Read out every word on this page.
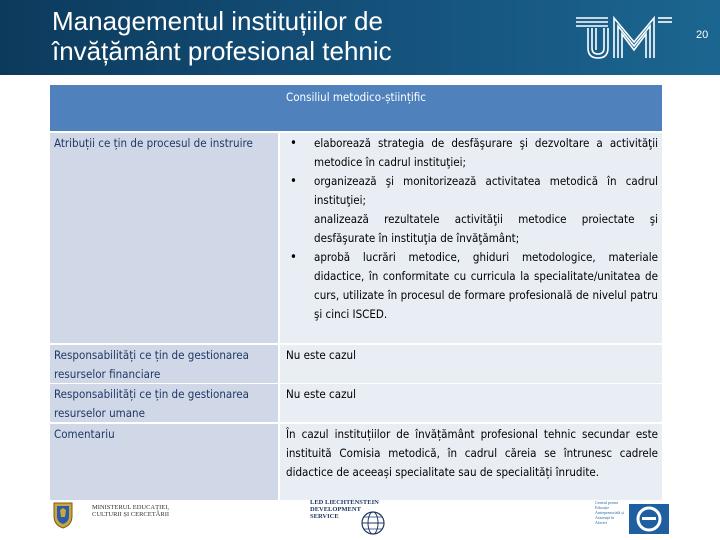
Managementul instituțiilor de
învățământ profesional tehnic
20
Consiliul metodico-științific
Atribuții ce țin de procesul de instruire
•	elaborează strategia de desfăşurare şi dezvoltare a activităţii metodice în cadrul instituţiei;
• organizează şi monitorizează activitatea metodică în cadrul instituţiei;
analizează rezultatele activităţii metodice proiectate şi desfăşurate în instituţia de învăţământ;
• aprobă lucrări metodice, ghiduri metodologice, materiale didactice, în conformitate cu curricula la specialitate/unitatea de curs, utilizate în procesul de formare profesională de nivelul patru şi cinci ISCED.
Responsabilități ce țin de gestionarea resurselor financiare
Nu este cazul
Responsabilități ce țin de gestionarea resurselor umane
Nu este cazul
Comentariu	În cazul instituțiilor de învățământ profesional tehnic secundar este instituită Comisia metodică, în cadrul căreia se întrunesc cadrele didactice de aceeași specialitate sau de specialități înrudite.
MINISTERUL EDUCAȚIEI, CULTURII ȘI CERCETĂRII
LED LIECHTENSTEIN DEVELOPMENT SERVICE
Centrul pentru Educație Antreprenorială și Asistență în Afaceri
